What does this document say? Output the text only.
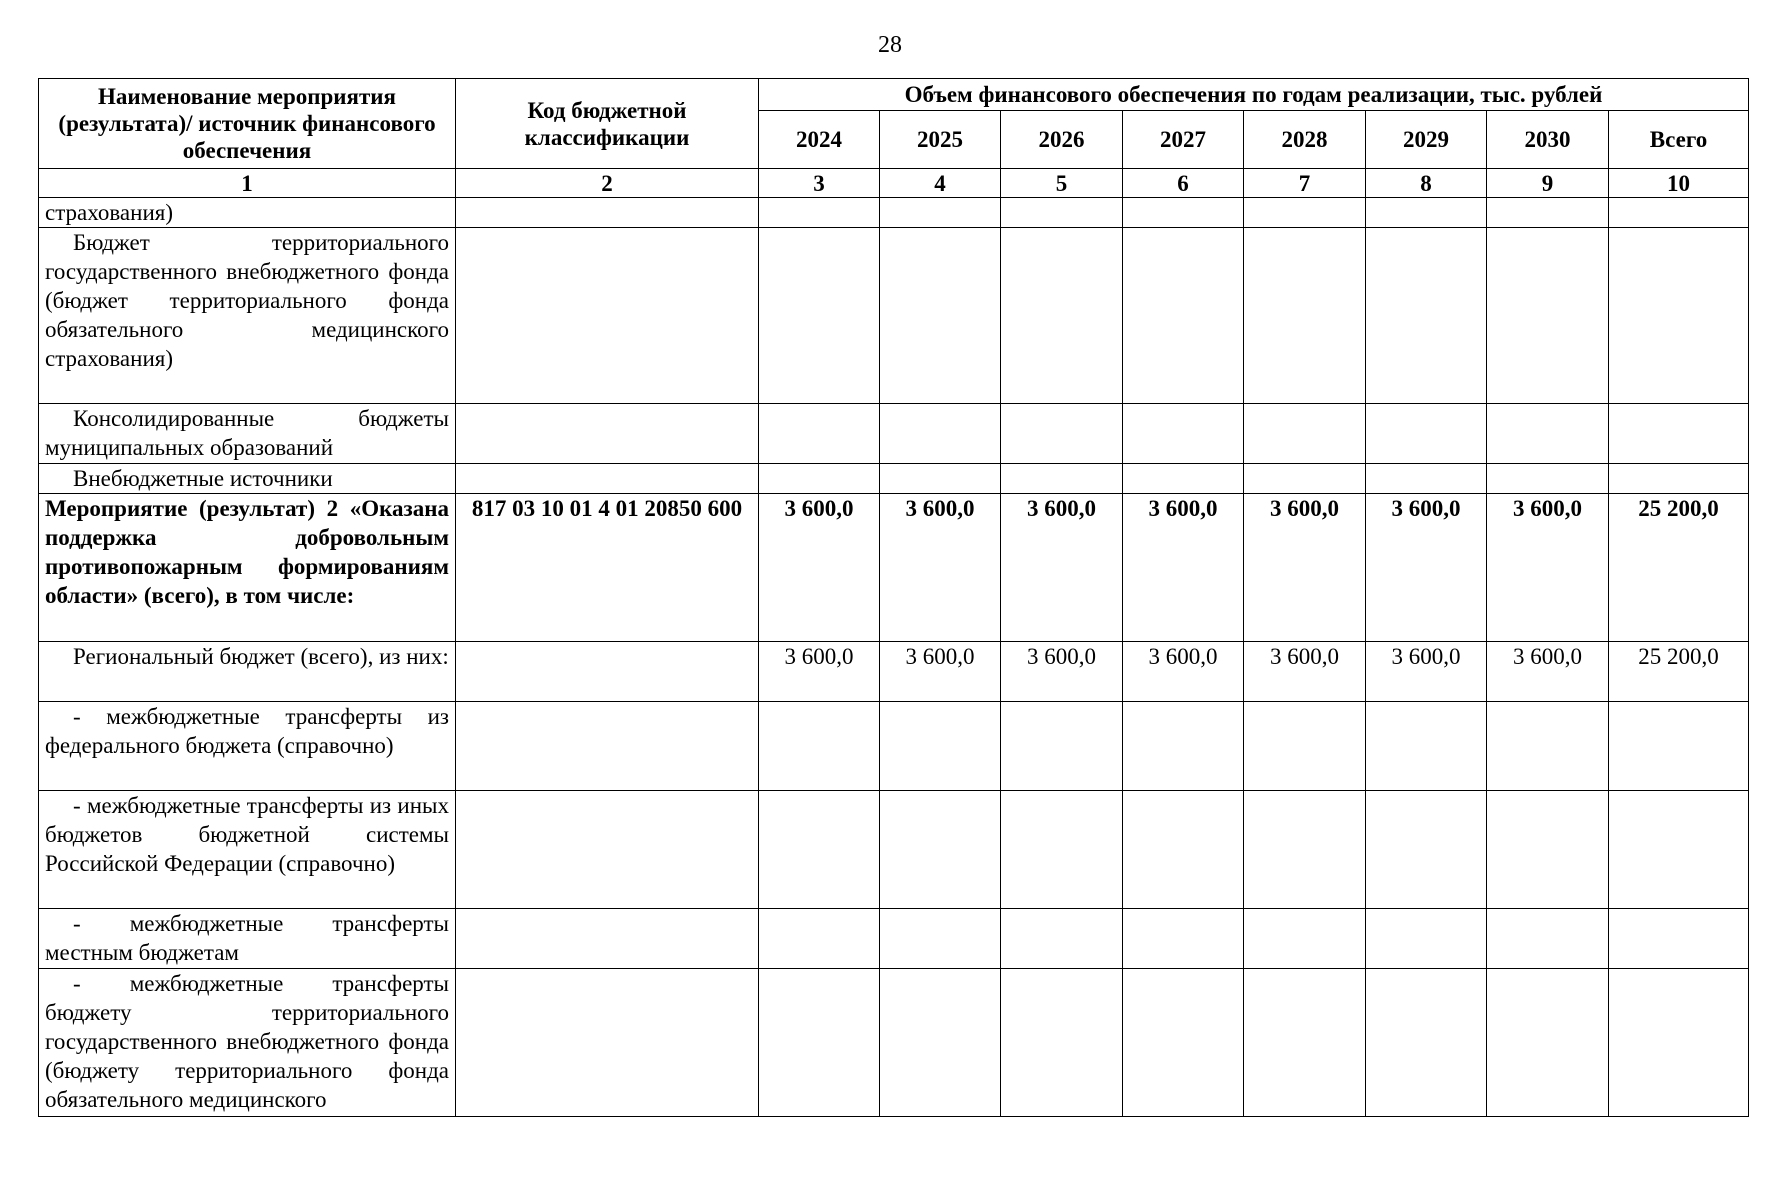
28
Наименование мероприятия (результата)/ источник финансового обеспечения	Код бюджетной классификации	Объем финансового обеспечения по годам реализации, тыс. рублей							
		2024	2025	2026	2027	2028	2029	2030	Всего
1	2	3	4	5	6	7	8	9	10
страхования)									
Бюджет территориального государственного внебюджетного фонда (бюджет территориального фонда обязательного медицинского страхования)									
Консолидированные бюджеты муниципальных образований									
Внебюджетные источники									
Мероприятие (результат) 2 «Оказана поддержка добровольным противопожарным формированиям области» (всего), в том числе:	817 03 10 01 4 01 20850 600	3 600,0	3 600,0	3 600,0	3 600,0	3 600,0	3 600,0	3 600,0	25 200,0
Региональный бюджет (всего), из них:		3 600,0	3 600,0	3 600,0	3 600,0	3 600,0	3 600,0	3 600,0	25 200,0
- межбюджетные трансферты из федерального бюджета (справочно)									
- межбюджетные трансферты из иных бюджетов бюджетной системы Российской Федерации (справочно)									
- межбюджетные трансферты местным бюджетам									
- межбюджетные трансферты бюджету территориального государственного внебюджетного фонда (бюджету территориального фонда обязательного медицинского									
